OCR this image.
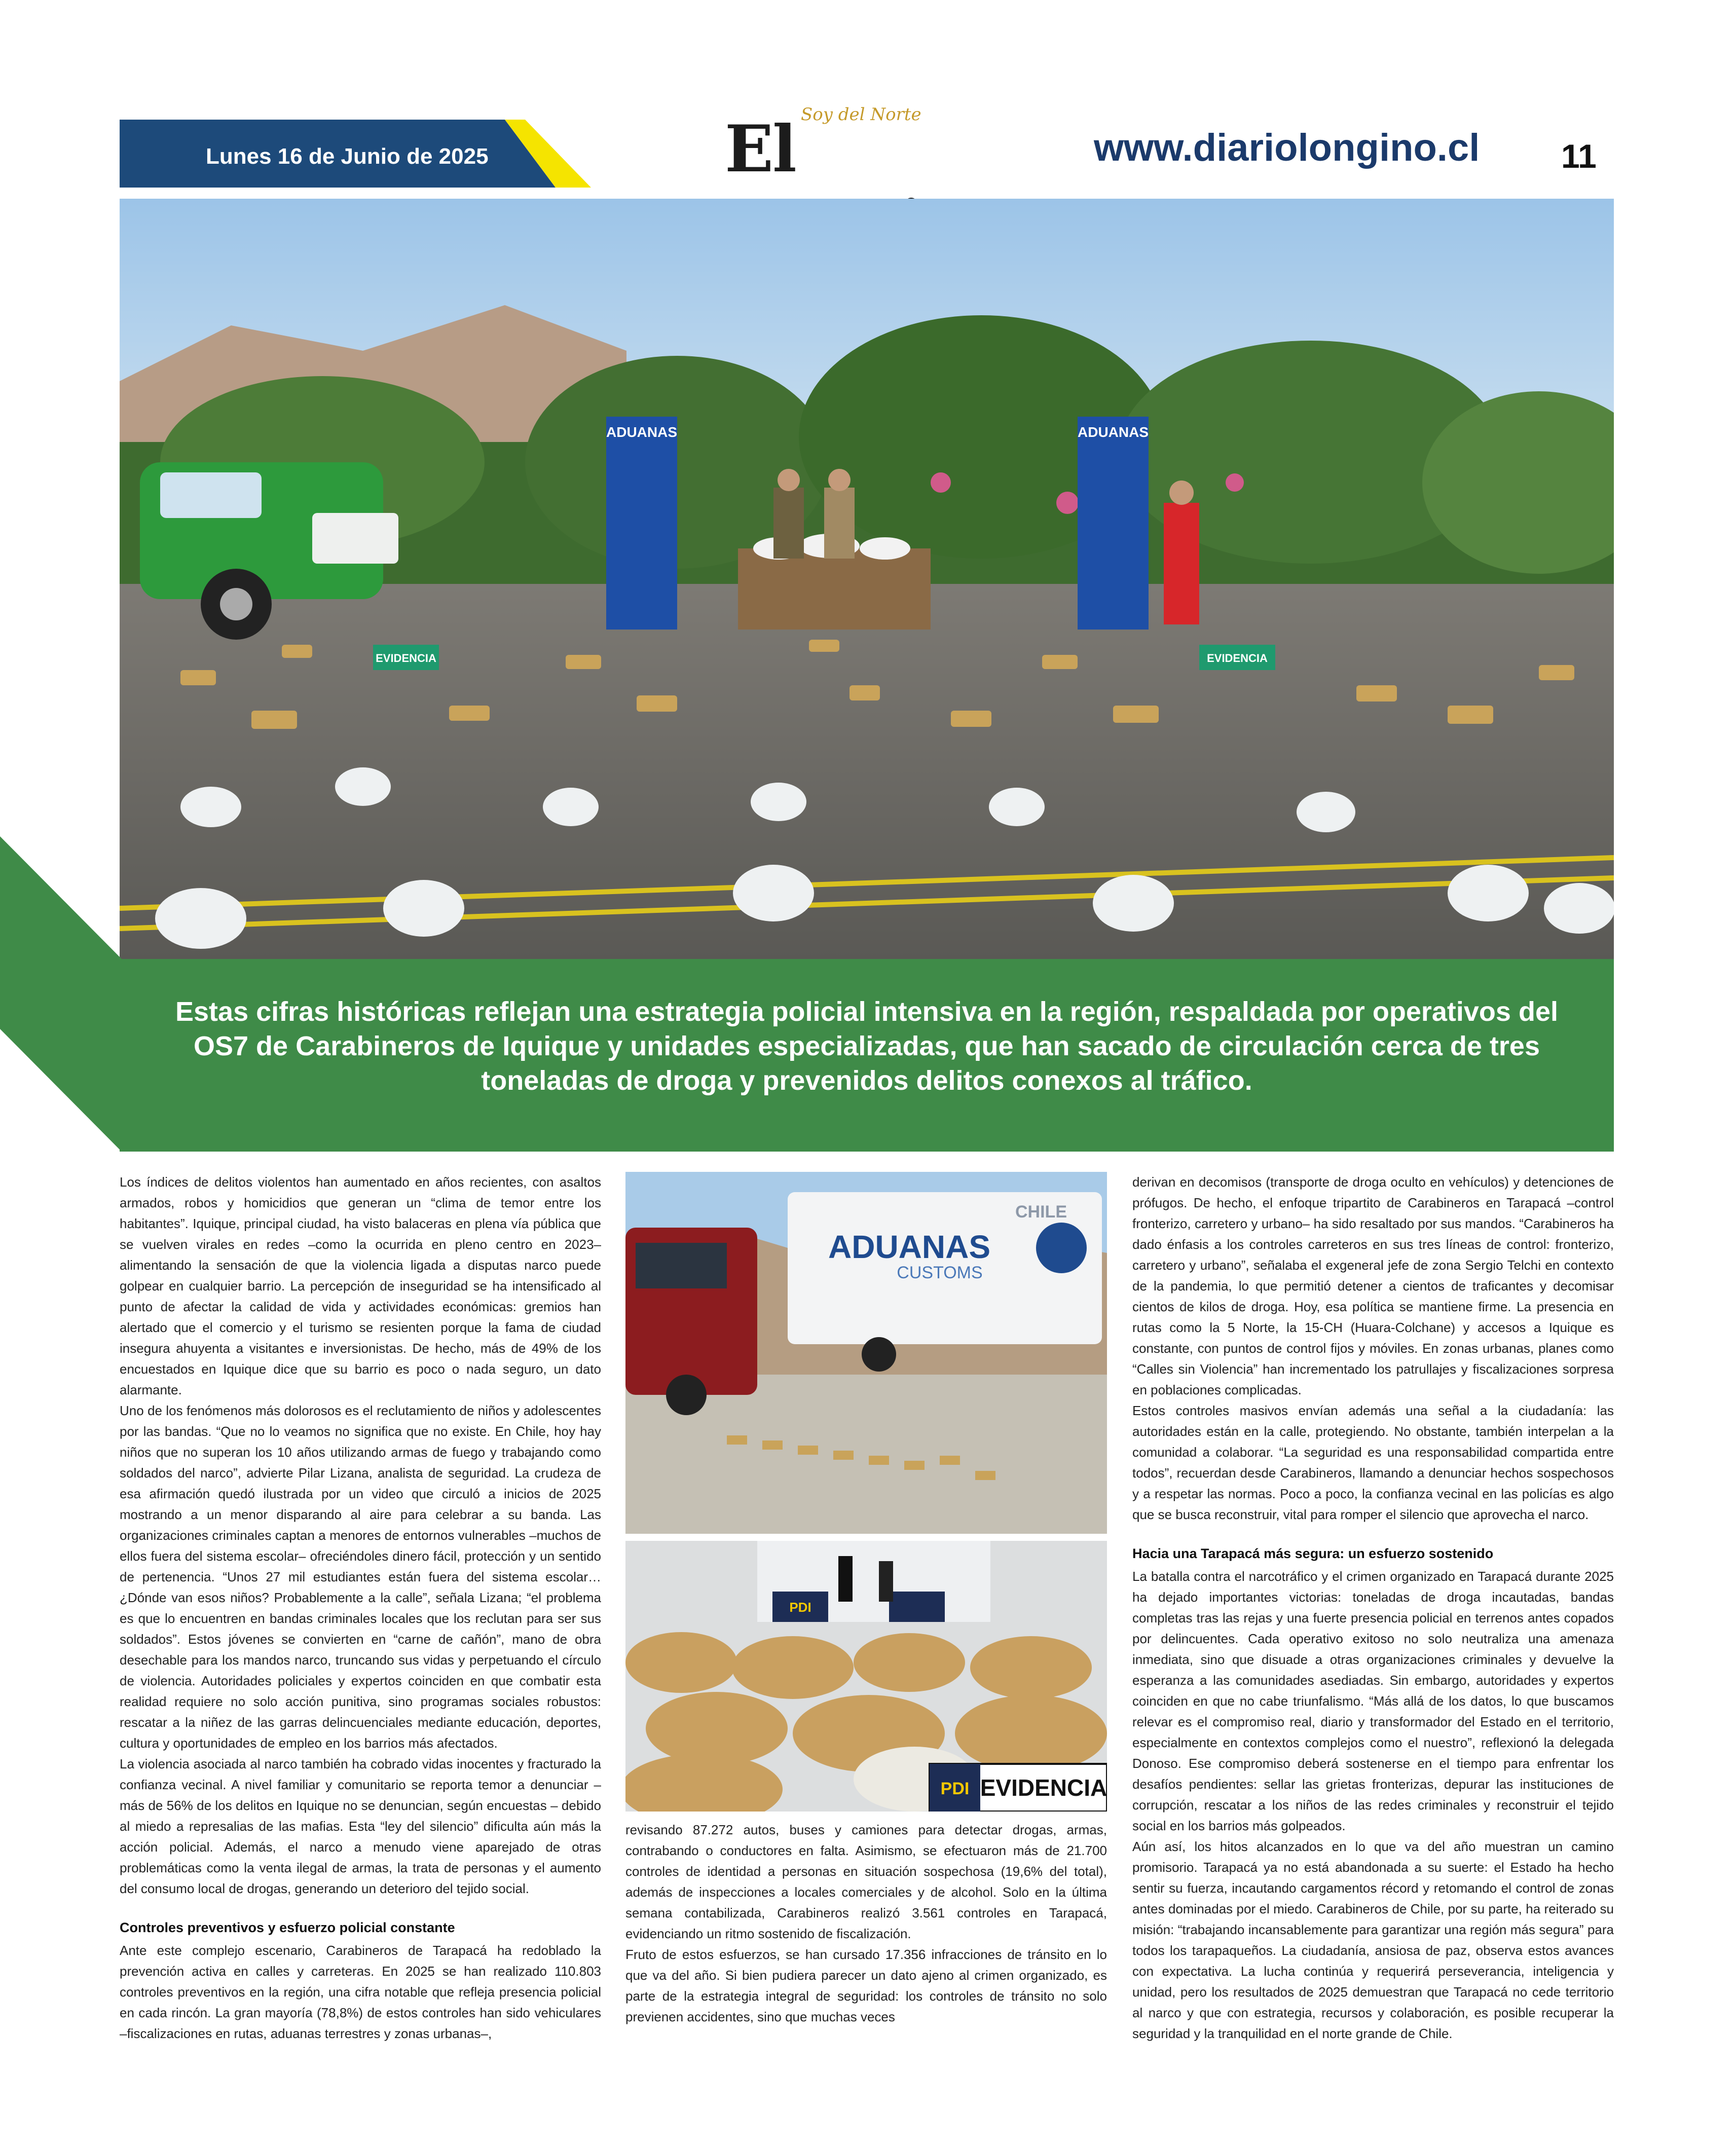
Lunes 16 de Junio de 2025
Soy del Norte
El	www.diariolongino.cl 11
ADUANAS	ADUANAS
EVIDENCIA	EVIDENCIA
Estas cifras históricas reflejan una estrategia policial intensiva en la región, respaldada por operativos del OS7 de Carabineros de Iquique y unidades especializadas, que han sacado de circulación cerca de tres toneladas de droga y prevenidos delitos conexos al tráfico.

Los índices de delitos violentos han aumentado en años recientes, con asaltos armados, robos y homicidios que generan un “clima de temor entre los habitantes”. Iquique, principal ciudad, ha visto balaceras en plena vía pública que se vuelven virales en redes –como la ocurrida en pleno centro en 2023– alimentando la sensación de que la violencia ligada a disputas narco puede golpear en cualquier barrio. La percepción de inseguridad se ha intensificado al punto de afectar la calidad de vida y actividades económicas: gremios han alertado que el comercio y el turismo se resienten porque la fama de ciudad insegura ahuyenta a visitantes e inversionistas. De hecho, más de 49% de los encuestados en Iquique dice que su barrio es poco o nada seguro, un dato alarmante.

Uno de los fenómenos más dolorosos es el reclutamiento de niños y adolescentes por las bandas. “Que no lo veamos no significa que no existe. En Chile, hoy hay niños que no superan los 10 años utilizando armas de fuego y trabajando como soldados del narco”, advierte Pilar Lizana, analista de seguridad. La crudeza de esa afirmación quedó ilustrada por un video que circuló a inicios de 2025 mostrando a un menor disparando al aire para celebrar a su banda. Las organizaciones criminales captan a menores de entornos vulnerables –muchos de ellos fuera del sistema escolar– ofreciéndoles dinero fácil, protección y un sentido de pertenencia. “Unos 27 mil estudiantes están fuera del sistema escolar… ¿Dónde van esos niños? Probablemente a la calle”, señala Lizana; “el problema es que lo encuentren en bandas criminales locales que los reclutan para ser sus soldados”. Estos jóvenes se convierten en “carne de cañón”, mano de obra desechable para los mandos narco, truncando sus vidas y perpetuando el círculo de violencia. Autoridades policiales y expertos coinciden en que combatir esta realidad requiere no solo acción punitiva, sino programas sociales robustos: rescatar a la niñez de las garras delincuenciales mediante educación, deportes, cultura y oportunidades de empleo en los barrios más afectados.

La violencia asociada al narco también ha cobrado vidas inocentes y fracturado la confianza vecinal. A nivel familiar y comunitario se reporta temor a denunciar –más de 56% de los delitos en Iquique no se denuncian, según encuestas – debido al miedo a represalias de las mafias. Esta “ley del silencio” dificulta aún más la acción policial. Además, el narco a menudo viene aparejado de otras problemáticas como la venta ilegal de armas, la trata de personas y el aumento del consumo local de drogas, generando un deterioro del tejido social.

Controles preventivos y esfuerzo policial constante

Ante este complejo escenario, Carabineros de Tarapacá ha redoblado la prevención activa en calles y carreteras. En 2025 se han realizado 110.803 controles preventivos en la región, una cifra notable que refleja presencia policial en cada rincón. La gran mayoría (78,8%) de estos controles han sido vehiculares –fiscalizaciones en rutas, aduanas terrestres y zonas urbanas–,

CHILE
ADUANAS
CUSTOMS
PDI
PDI EVIDENCIA

revisando 87.272 autos, buses y camiones para detectar drogas, armas, contrabando o conductores en falta. Asimismo, se efectuaron más de 21.700 controles de identidad a personas en situación sospechosa (19,6% del total), además de inspecciones a locales comerciales y de alcohol. Solo en la última semana contabilizada, Carabineros realizó 3.561 controles en Tarapacá, evidenciando un ritmo sostenido de fiscalización.

Fruto de estos esfuerzos, se han cursado 17.356 infracciones de tránsito en lo que va del año. Si bien pudiera parecer un dato ajeno al crimen organizado, es parte de la estrategia integral de seguridad: los controles de tránsito no solo previenen accidentes, sino que muchas veces

derivan en decomisos (transporte de droga oculto en vehículos) y detenciones de prófugos. De hecho, el enfoque tripartito de Carabineros en Tarapacá –control fronterizo, carretero y urbano– ha sido resaltado por sus mandos. “Carabineros ha dado énfasis a los controles carreteros en sus tres líneas de control: fronterizo, carretero y urbano”, señalaba el exgeneral jefe de zona Sergio Telchi en contexto de la pandemia, lo que permitió detener a cientos de traficantes y decomisar cientos de kilos de droga. Hoy, esa política se mantiene firme. La presencia en rutas como la 5 Norte, la 15-CH (Huara-Colchane) y accesos a Iquique es constante, con puntos de control fijos y móviles. En zonas urbanas, planes como “Calles sin Violencia” han incrementado los patrullajes y fiscalizaciones sorpresa en poblaciones complicadas.

Estos controles masivos envían además una señal a la ciudadanía: las autoridades están en la calle, protegiendo. No obstante, también interpelan a la comunidad a colaborar. “La seguridad es una responsabilidad compartida entre todos”, recuerdan desde Carabineros, llamando a denunciar hechos sospechosos y a respetar las normas. Poco a poco, la confianza vecinal en las policías es algo que se busca reconstruir, vital para romper el silencio que aprovecha el narco.

Hacia una Tarapacá más segura: un esfuerzo sostenido

La batalla contra el narcotráfico y el crimen organizado en Tarapacá durante 2025 ha dejado importantes victorias: toneladas de droga incautadas, bandas completas tras las rejas y una fuerte presencia policial en terrenos antes copados por delincuentes. Cada operativo exitoso no solo neutraliza una amenaza inmediata, sino que disuade a otras organizaciones criminales y devuelve la esperanza a las comunidades asediadas. Sin embargo, autoridades y expertos coinciden en que no cabe triunfalismo. “Más allá de los datos, lo que buscamos relevar es el compromiso real, diario y transformador del Estado en el territorio, especialmente en contextos complejos como el nuestro”, reflexionó la delegada Donoso. Ese compromiso deberá sostenerse en el tiempo para enfrentar los desafíos pendientes: sellar las grietas fronterizas, depurar las instituciones de corrupción, rescatar a los niños de las redes criminales y reconstruir el tejido social en los barrios más golpeados.

Aún así, los hitos alcanzados en lo que va del año muestran un camino promisorio. Tarapacá ya no está abandonada a su suerte: el Estado ha hecho sentir su fuerza, incautando cargamentos récord y retomando el control de zonas antes dominadas por el miedo. Carabineros de Chile, por su parte, ha reiterado su misión: “trabajando incansablemente para garantizar una región más segura” para todos los tarapaqueños. La ciudadanía, ansiosa de paz, observa estos avances con expectativa. La lucha continúa y requerirá perseverancia, inteligencia y unidad, pero los resultados de 2025 demuestran que Tarapacá no cede territorio al narco y que con estrategia, recursos y colaboración, es posible recuperar la seguridad y la tranquilidad en el norte grande de Chile.
